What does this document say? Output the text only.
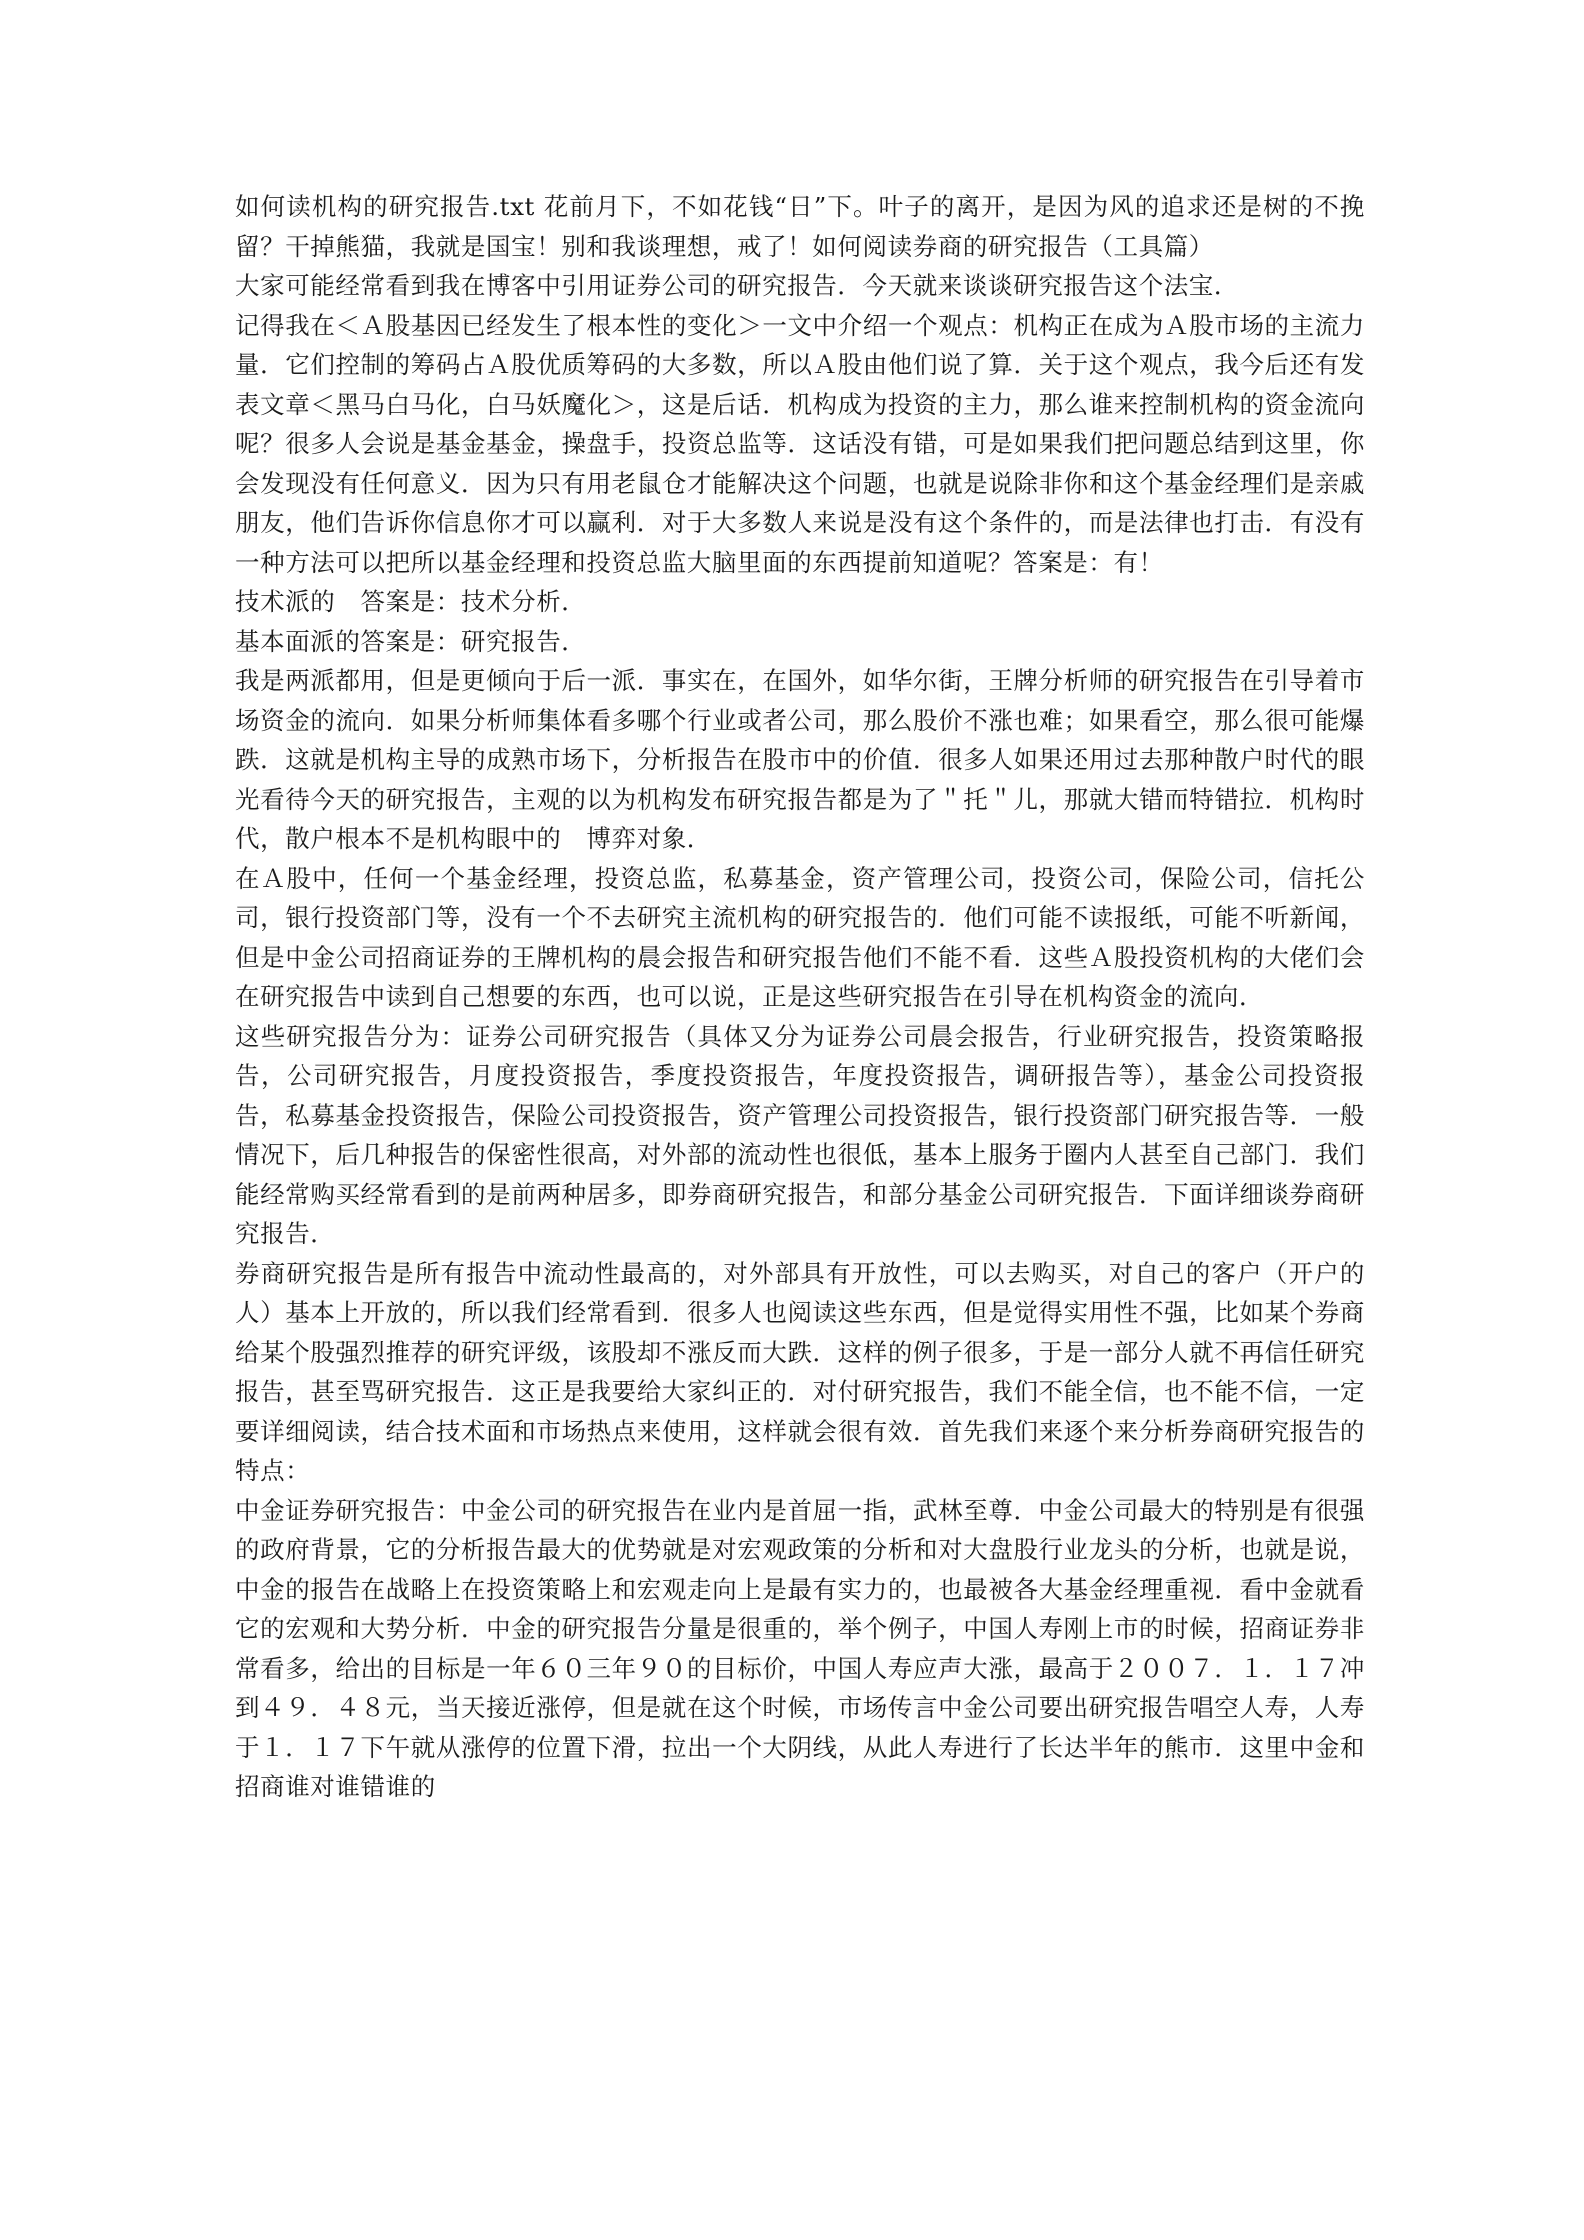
如何读机构的研究报告.txt 花前月下，不如花钱“日”下。叶子的离开，是因为风的追求还是树的不挽留？干掉熊猫，我就是国宝！别和我谈理想，戒了！如何阅读券商的研究报告（工具篇）

大家可能经常看到我在博客中引用证券公司的研究报告．今天就来谈谈研究报告这个法宝．

记得我在＜Ａ股基因已经发生了根本性的变化＞一文中介绍一个观点：机构正在成为Ａ股市场的主流力量．它们控制的筹码占Ａ股优质筹码的大多数，所以Ａ股由他们说了算．关于这个观点，我今后还有发表文章＜黑马白马化，白马妖魔化＞，这是后话．机构成为投资的主力，那么谁来控制机构的资金流向呢？很多人会说是基金基金，操盘手，投资总监等．这话没有错，可是如果我们把问题总结到这里，你会发现没有任何意义．因为只有用老鼠仓才能解决这个问题，也就是说除非你和这个基金经理们是亲戚朋友，他们告诉你信息你才可以赢利．对于大多数人来说是没有这个条件的，而是法律也打击．有没有一种方法可以把所以基金经理和投资总监大脑里面的东西提前知道呢？答案是：有！

技术派的　答案是：技术分析．

基本面派的答案是：研究报告．

我是两派都用，但是更倾向于后一派．事实在，在国外，如华尔街，王牌分析师的研究报告在引导着市场资金的流向．如果分析师集体看多哪个行业或者公司，那么股价不涨也难；如果看空，那么很可能爆跌．这就是机构主导的成熟市场下，分析报告在股市中的价值．很多人如果还用过去那种散户时代的眼光看待今天的研究报告，主观的以为机构发布研究报告都是为了＂托＂儿，那就大错而特错拉．机构时代，散户根本不是机构眼中的　博弈对象．

在Ａ股中，任何一个基金经理，投资总监，私募基金，资产管理公司，投资公司，保险公司，信托公司，银行投资部门等，没有一个不去研究主流机构的研究报告的．他们可能不读报纸，可能不听新闻，但是中金公司招商证券的王牌机构的晨会报告和研究报告他们不能不看．这些Ａ股投资机构的大佬们会在研究报告中读到自己想要的东西，也可以说，正是这些研究报告在引导在机构资金的流向．

这些研究报告分为：证券公司研究报告（具体又分为证券公司晨会报告，行业研究报告，投资策略报告，公司研究报告，月度投资报告，季度投资报告，年度投资报告，调研报告等），基金公司投资报告，私募基金投资报告，保险公司投资报告，资产管理公司投资报告，银行投资部门研究报告等．一般情况下，后几种报告的保密性很高，对外部的流动性也很低，基本上服务于圈内人甚至自己部门．我们能经常购买经常看到的是前两种居多，即券商研究报告，和部分基金公司研究报告．下面详细谈券商研究报告．

券商研究报告是所有报告中流动性最高的，对外部具有开放性，可以去购买，对自己的客户（开户的人）基本上开放的，所以我们经常看到．很多人也阅读这些东西，但是觉得实用性不强，比如某个券商给某个股强烈推荐的研究评级，该股却不涨反而大跌．这样的例子很多，于是一部分人就不再信任研究报告，甚至骂研究报告．这正是我要给大家纠正的．对付研究报告，我们不能全信，也不能不信，一定要详细阅读，结合技术面和市场热点来使用，这样就会很有效．首先我们来逐个来分析券商研究报告的特点：

中金证券研究报告：中金公司的研究报告在业内是首屈一指，武林至尊．中金公司最大的特别是有很强的政府背景，它的分析报告最大的优势就是对宏观政策的分析和对大盘股行业龙头的分析，也就是说，中金的报告在战略上在投资策略上和宏观走向上是最有实力的，也最被各大基金经理重视．看中金就看它的宏观和大势分析．中金的研究报告分量是很重的，举个例子，中国人寿刚上市的时候，招商证券非常看多，给出的目标是一年６０三年９０的目标价，中国人寿应声大涨，最高于２００７．１．１７冲到４９．４８元，当天接近涨停，但是就在这个时候，市场传言中金公司要出研究报告唱空人寿，人寿于１．１７下午就从涨停的位置下滑，拉出一个大阴线，从此人寿进行了长达半年的熊市．这里中金和招商谁对谁错谁的
